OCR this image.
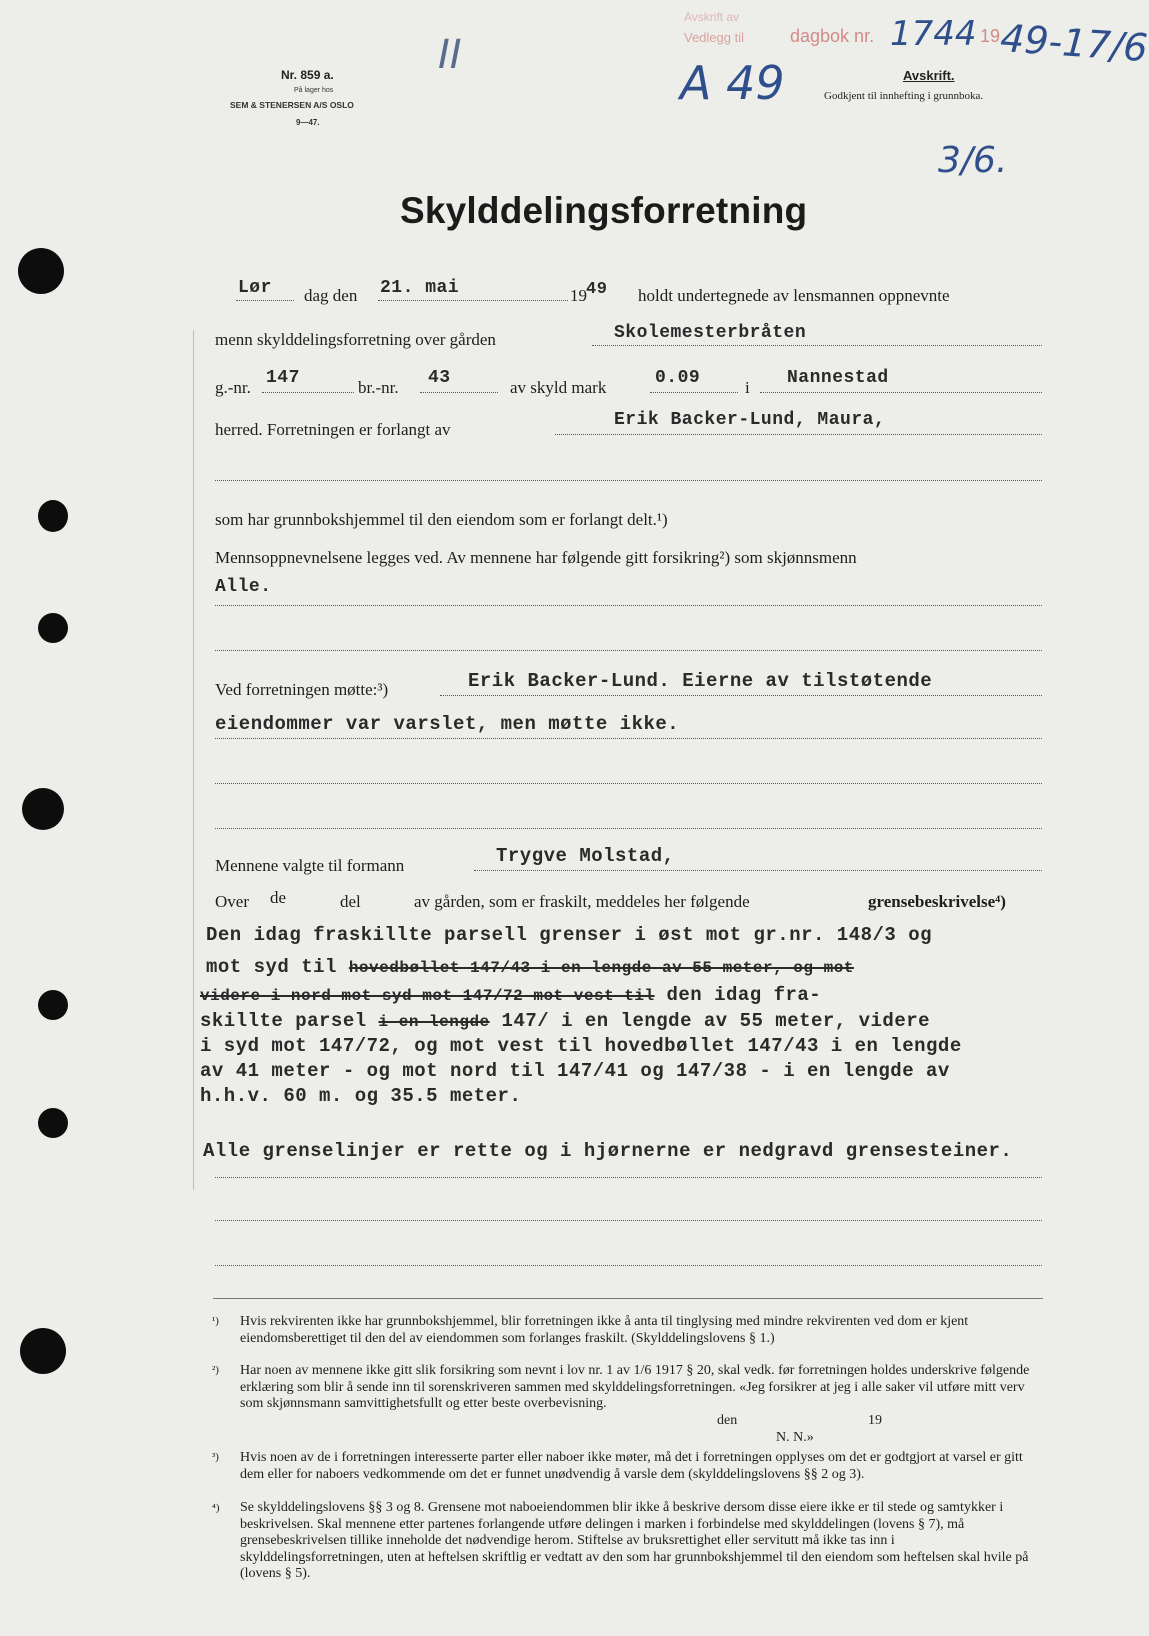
Nr. 859 a.
På lager hos
SEM & STENERSEN A/S OSLO
9—47.
II
Avskrift av
Vedlegg til	dagbok nr. 1744 19
49-17/6
A 49	Avskrift.
Godkjent til innhefting i grunnboka.
3/6.
Skylddelingsforretning
Lør dag den 21. mai	19 49 holdt undertegnede av lensmannen oppnevnte
menn skylddelingsforretning over gården	Skolemesterbråten
g.-nr. 147	br.-nr. 43	av skyld mark	0.09	i Nannestad
herred. Forretningen er forlangt av	Erik Backer-Lund, Maura,
som har grunnbokshjemmel til den eiendom som er forlangt delt.¹)
Mennsoppnevnelsene legges ved. Av mennene har følgende gitt forsikring²) som skjønnsmenn
Alle.
Ved forretningen møtte:³)	Erik Backer-Lund. Eierne av tilstøtende
eiendommer var varslet, men møtte ikke.
Mennene valgte til formann	Trygve Molstad,
Over de	del	av gården, som er fraskilt, meddeles her følgende	grensebeskrivelse⁴)
Den idag fraskillte parsell grenser i øst mot gr.nr. 148/3 og
mot syd til hovedbøllet 147/43 i en lengde av 55 meter, og mot
videre i nord mot syd mot 147/72 mot vest til den idag fra-
skillte parsel i en lengde 147/ i en lengde av 55 meter, videre
i syd mot 147/72, og mot vest til hovedbøllet 147/43 i en lengde
av 41 meter - og mot nord til 147/41 og 147/38 - i en lengde av
h.h.v. 60 m. og 35.5 meter.
Alle grenselinjer er rette og i hjørnerne er nedgravd grensesteiner.
¹) Hvis rekvirenten ikke har grunnbokshjemmel, blir forretningen ikke å anta til tinglysing med mindre rekvirenten ved dom er kjent eiendomsberettiget til den del av eiendommen som forlanges fraskilt. (Skylddelingslovens § 1.)
²) Har noen av mennene ikke gitt slik forsikring som nevnt i lov nr. 1 av 1/6 1917 § 20, skal vedk. før forretningen holdes underskrive følgende erklæring som blir å sende inn til sorenskriveren sammen med skylddelingsforretningen. «Jeg forsikrer at jeg i alle saker vil utføre mitt verv som skjønnsmann samvittighetsfullt og etter beste overbevisning.
den	19
N. N.»
³) Hvis noen av de i forretningen interesserte parter eller naboer ikke møter, må det i forretningen opplyses om det er godtgjort at varsel er gitt dem eller for naboers vedkommende om det er funnet unødvendig å varsle dem (skylddelingslovens §§ 2 og 3).
⁴) Se skylddelingslovens §§ 3 og 8. Grensene mot naboeiendommen blir ikke å beskrive dersom disse eiere ikke er til stede og samtykker i beskrivelsen. Skal mennene etter partenes forlangende utføre delingen i marken i forbindelse med skylddelingen (lovens § 7), må grensebeskrivelsen tillike inneholde det nødvendige herom. Stiftelse av bruksrettighet eller servitutt må ikke tas inn i skylddelingsforretningen, uten at heftelsen skriftlig er vedtatt av den som har grunnbokshjemmel til den eiendom som heftelsen skal hvile på (lovens § 5).
